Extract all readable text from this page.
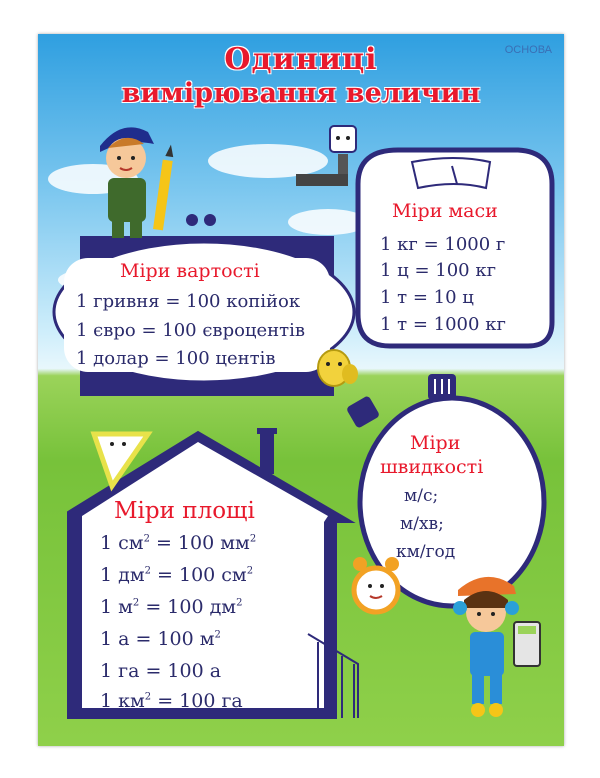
Одиниці
вимірювання величин
ОСНОВА
Міри вартості
1 гривня = 100 копійок
1 євро = 100 євроцентів
1 долар = 100 центів
Міри маси
1 кг = 1000 г
1 ц = 100 кг
1 т = 10 ц
1 т = 1000 кг
Міри
швидкості
м/с;
м/хв;
км/год
Міри площі
1 $см^2 = 100$ $мм^2$
1 $дм^2 = 100$ $см^2$
1 $м^2 = 100$ $дм^2$
1 а = 100 $м^2$
1 га = 100 а
1 $км^2 = 100$ га
